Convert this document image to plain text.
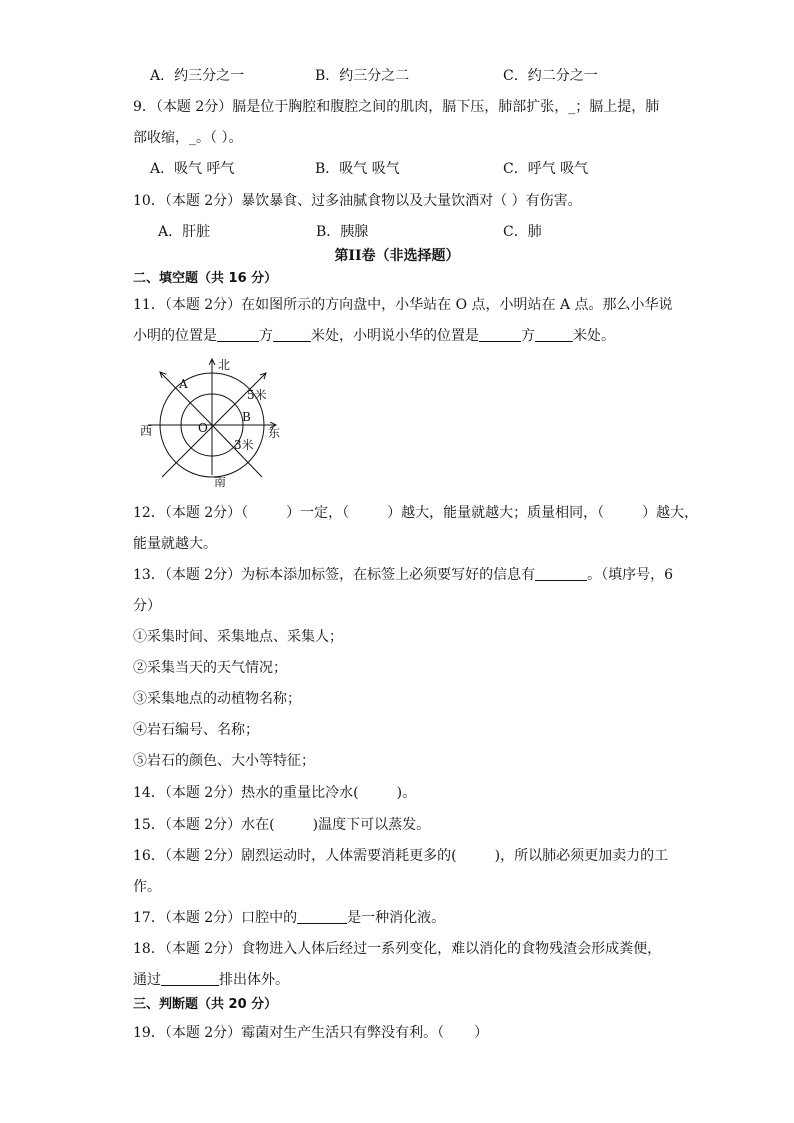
A．约三分之一	B．约三分之二	C．约二分之一
9．（本题 2分）膈是位于胸腔和腹腔之间的肌肉，膈下压，肺部扩张，_；膈上提，肺
部收缩，_。（ ）。
A．吸气 呼气	B．吸气 吸气	C．呼气 吸气
10．（本题 2分）暴饮暴食、过多油腻食物以及大量饮酒对（ ）有伤害。
A．肝脏	B．胰腺	C．肺
第II卷（非选择题）
二、填空题（共 16 分）
11．（本题 2分）在如图所示的方向盘中，小华站在 O 点，小明站在 A 点。那么小华说
小明的位置是	方	米处，小明说小华的位置是	方	米处。
北
南
西	东
A
B
O
5米
3米
12．（本题 2分）（	）一定，（	）越大，能量就越大；质量相同，（	）越大，
能量就越大。
13．（本题 2分）为标本添加标签，在标签上必须要写好的信息有	。（填序号，6
分）
①采集时间、采集地点、采集人；
②采集当天的天气情况；
③采集地点的动植物名称；
④岩石编号、名称；
⑤岩石的颜色、大小等特征；
14．（本题 2分）热水的重量比冷水(	)。
15．（本题 2分）水在(	)温度下可以蒸发。
16．（本题 2分）剧烈运动时，人体需要消耗更多的(	)，所以肺必须更加卖力的工
作。
17．（本题 2分）口腔中的	是一种消化液。
18．（本题 2分）食物进入人体后经过一系列变化，难以消化的食物残渣会形成粪便，
通过	排出体外。
三、判断题（共 20 分）
19．（本题 2分）霉菌对生产生活只有弊没有利。（ ）
